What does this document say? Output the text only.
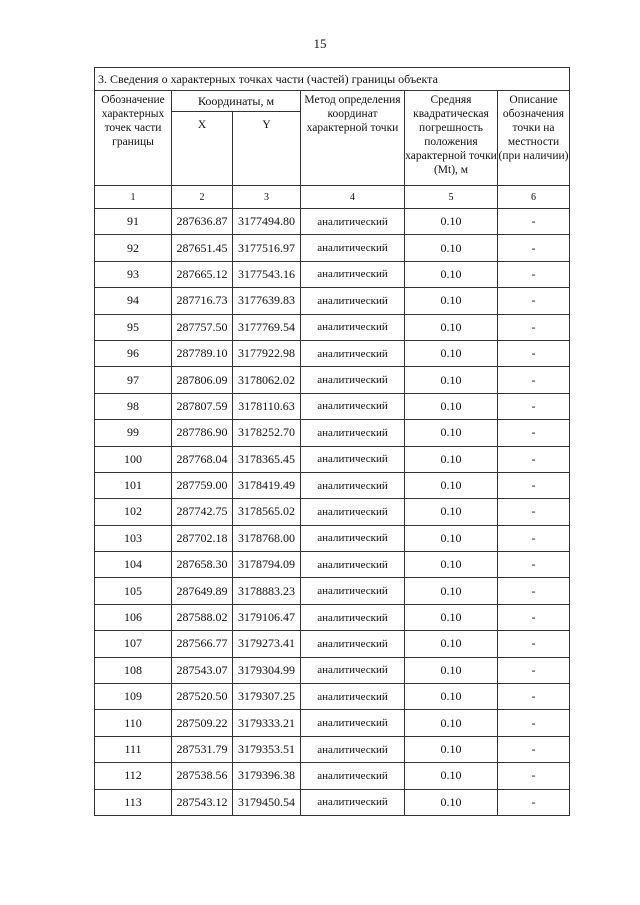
15
3. Сведения о характерных точках части (частей) границы объекта					
Обозначение характерных точек части границы	Координаты, м		Метод определения координат характерной точки	Средняя квадратическая погрешность положения характерной точки (Mt), м	Описание обозначения точки на местности (при наличии)
	X	Y			
1	2	3	4	5	6
91	287636.87	3177494.80	аналитический	0.10	-
92	287651.45	3177516.97	аналитический	0.10	-
93	287665.12	3177543.16	аналитический	0.10	-
94	287716.73	3177639.83	аналитический	0.10	-
95	287757.50	3177769.54	аналитический	0.10	-
96	287789.10	3177922.98	аналитический	0.10	-
97	287806.09	3178062.02	аналитический	0.10	-
98	287807.59	3178110.63	аналитический	0.10	-
99	287786.90	3178252.70	аналитический	0.10	-
100	287768.04	3178365.45	аналитический	0.10	-
101	287759.00	3178419.49	аналитический	0.10	-
102	287742.75	3178565.02	аналитический	0.10	-
103	287702.18	3178768.00	аналитический	0.10	-
104	287658.30	3178794.09	аналитический	0.10	-
105	287649.89	3178883.23	аналитический	0.10	-
106	287588.02	3179106.47	аналитический	0.10	-
107	287566.77	3179273.41	аналитический	0.10	-
108	287543.07	3179304.99	аналитический	0.10	-
109	287520.50	3179307.25	аналитический	0.10	-
110	287509.22	3179333.21	аналитический	0.10	-
111	287531.79	3179353.51	аналитический	0.10	-
112	287538.56	3179396.38	аналитический	0.10	-
113	287543.12	3179450.54	аналитический	0.10	-
